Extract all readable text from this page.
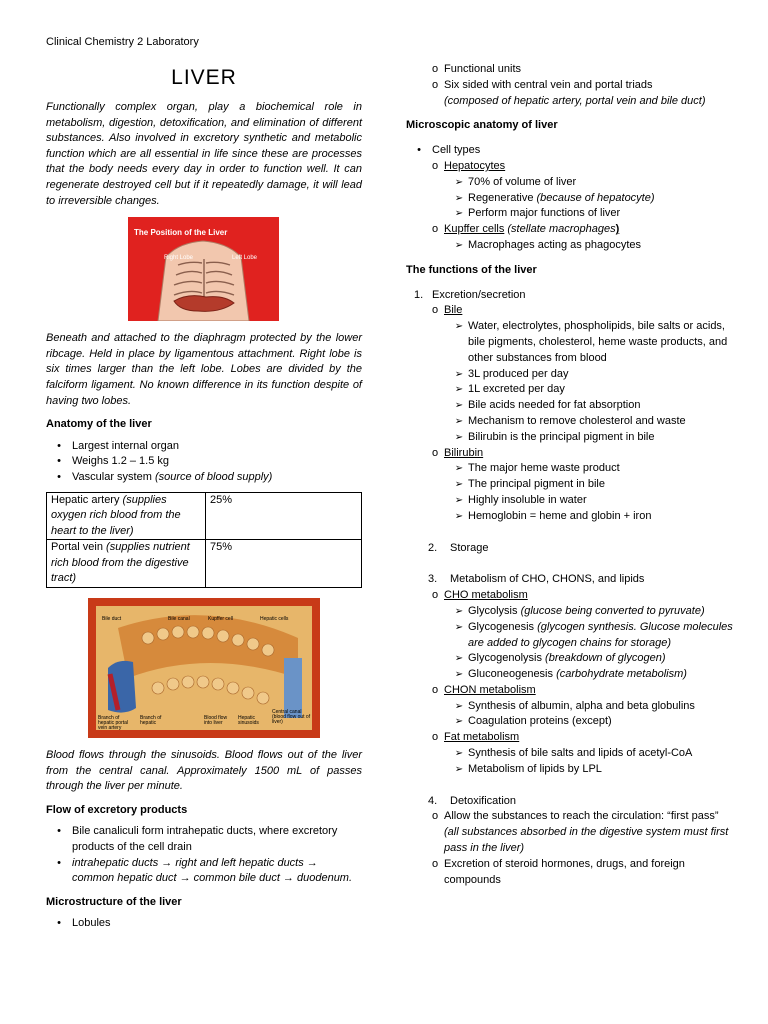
Clinical Chemistry 2 Laboratory
LIVER

Functionally complex organ, play a biochemical role in metabolism, digestion, detoxification, and elimination of different substances. Also involved in excretory synthetic and metabolic function which are all essential in life since these are processes that the body needs every day in order to function well. It can regenerate destroyed cell but if it repeatedly damage, it will lead to irreversible changes.

The Position of the Liver
Right Lobe	Left Lobe

Beneath and attached to the diaphragm protected by the lower ribcage. Held in place by ligamentous attachment. Right lobe is six times larger than the left lobe. Lobes are divided by the falciform ligament. No known difference in its function despite of having two lobes.

Anatomy of the liver

•	Largest internal organ
•	Weighs 1.2 – 1.5 kg
•	Vascular system (source of blood supply)
Hepatic artery (supplies oxygen rich blood from the heart to the liver)	25%
Portal vein (supplies nutrient rich blood from the digestive tract)	75%
Bile duct	Bile canal	Kupffer cell	Hepatic cells
Branch of hepatic portal vein artery
Branch of hepatic
Blood flow into liver
Hepatic sinusoids
Central canal (blood flow out of liver)

Blood flows through the sinusoids. Blood flows out of the liver from the central canal. Approximately 1500 mL of passes through the liver per minute.

Flow of excretory products

•	Bile canaliculi form intrahepatic ducts, where excretory products of the cell drain
•	intrahepatic ducts → right and left hepatic ducts → common hepatic duct → common bile duct → duodenum.

Microstructure of the liver

•	Lobules
o Functional units
o Six sided with central vein and portal triads
(composed of hepatic artery, portal vein and bile duct)

Microscopic anatomy of liver

•	Cell types
o Hepatocytes
➢ 70% of volume of liver
➢ Regenerative (because of hepatocyte)
➢ Perform major functions of liver
o Kupffer cells (stellate macrophages)
➢ Macrophages acting as phagocytes

The functions of the liver

1. Excretion/secretion
o Bile
➢ Water, electrolytes, phospholipids, bile salts or acids, bile pigments, cholesterol, heme waste products, and other substances from blood
➢ 3L produced per day
➢ 1L excreted per day
➢ Bile acids needed for fat absorption
➢ Mechanism to remove cholesterol and waste
➢ Bilirubin is the principal pigment in bile
o Bilirubin
➢ The major heme waste product
➢ The principal pigment in bile
➢ Highly insoluble in water
➢ Hemoglobin = heme and globin + iron
2.	Storage
3.	Metabolism of CHO, CHONS, and lipids
o CHO metabolism
➢ Glycolysis (glucose being converted to pyruvate)
➢ Glycogenesis (glycogen synthesis. Glucose molecules are added to glycogen chains for storage)
➢ Glycogenolysis (breakdown of glycogen)
➢ Gluconeogenesis (carbohydrate metabolism)
o CHON metabolism
➢ Synthesis of albumin, alpha and beta globulins
➢ Coagulation proteins (except)
o Fat metabolism
➢ Synthesis of bile salts and lipids of acetyl-CoA
➢ Metabolism of lipids by LPL
4.	Detoxification
o Allow the substances to reach the circulation: “first pass” (all substances absorbed in the digestive system must first pass in the liver)
o Excretion of steroid hormones, drugs, and foreign compounds
